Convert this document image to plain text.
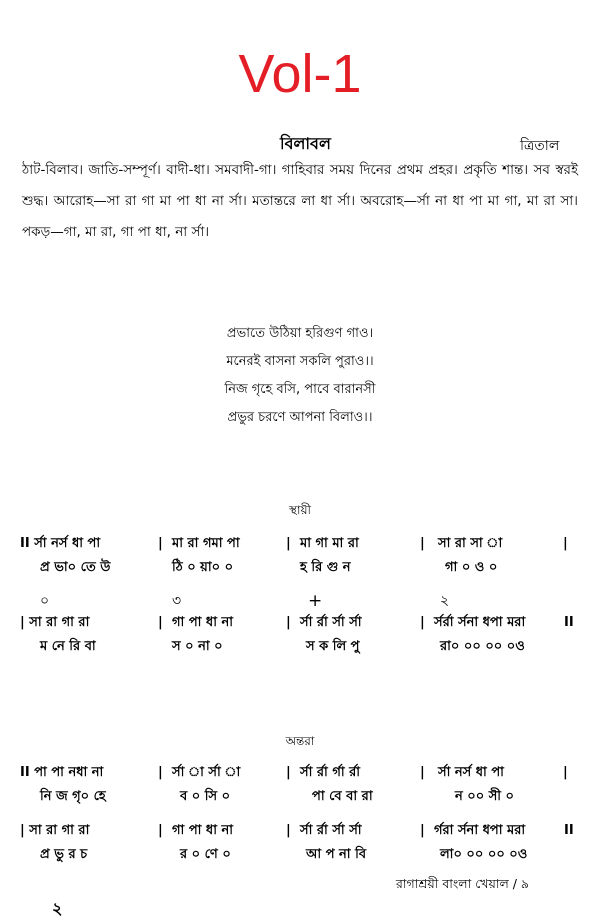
Vol-1
বিলাবল	ত্রিতাল
ঠাট-বিলাব। জাতি-সম্পূর্ণ। বাদী-ধা। সমবাদী-গা। গাহিবার সময় দিনের প্রথম প্রহর। প্রকৃতি শান্ত। সব স্বরই শুদ্ধ। আরোহ—সা রা গা মা পা ধা না র্সা। মতান্তরে লা ধা র্সা। অবরোহ—র্সা না ধা পা মা গা, মা রা সা। পকড়—গা, মা রা, গা পা ধা, না র্সা।
প্রভাতে উঠিয়া হরিগুণ গাও।
মনেরই বাসনা সকলি পুরাও।।
নিজ গৃহে বসি, পাবে বারানসী
প্রভুর চরণে আপনা বিলাও।।
স্থায়ী
II র্সা নর্স ধা পা	| মা রা গমা পা	| মা গা মা রা	| সা রা সা া	|
প্র ভা০ তে উ	ঠি ০ য়া০ ০	হ রি গু ন	গা ০ ও ০
০	৩	+	২
| সা রা গা রা	| গা পা ধা না	| র্সা র্রা র্সা র্সা	| র্সর্রা র্সনা ধপা মরা	II
ম নে রি বা	স ০ না ০	স ক লি পু	রা০ ০০ ০০ ০ও
অন্তরা
II পা পা নধা না	| র্সা া র্সা া	| র্সা র্রা র্গা র্রা	| র্সা নর্স ধা পা	|
নি জ গৃ০ হে	ব ০ সি ০	পা বে বা রা	ন ০০ সী ০
| সা রা গা রা	| গা পা ধা না	| র্সা র্রা র্সা র্সা	| র্গরা র্সনা ধপা মরা	II
প্র ভু র চ	র ০ ণে ০	আ প না বি	লা০ ০০ ০০ ০ও
রাগাশ্রয়ী বাংলা খেয়াল / ৯
২
